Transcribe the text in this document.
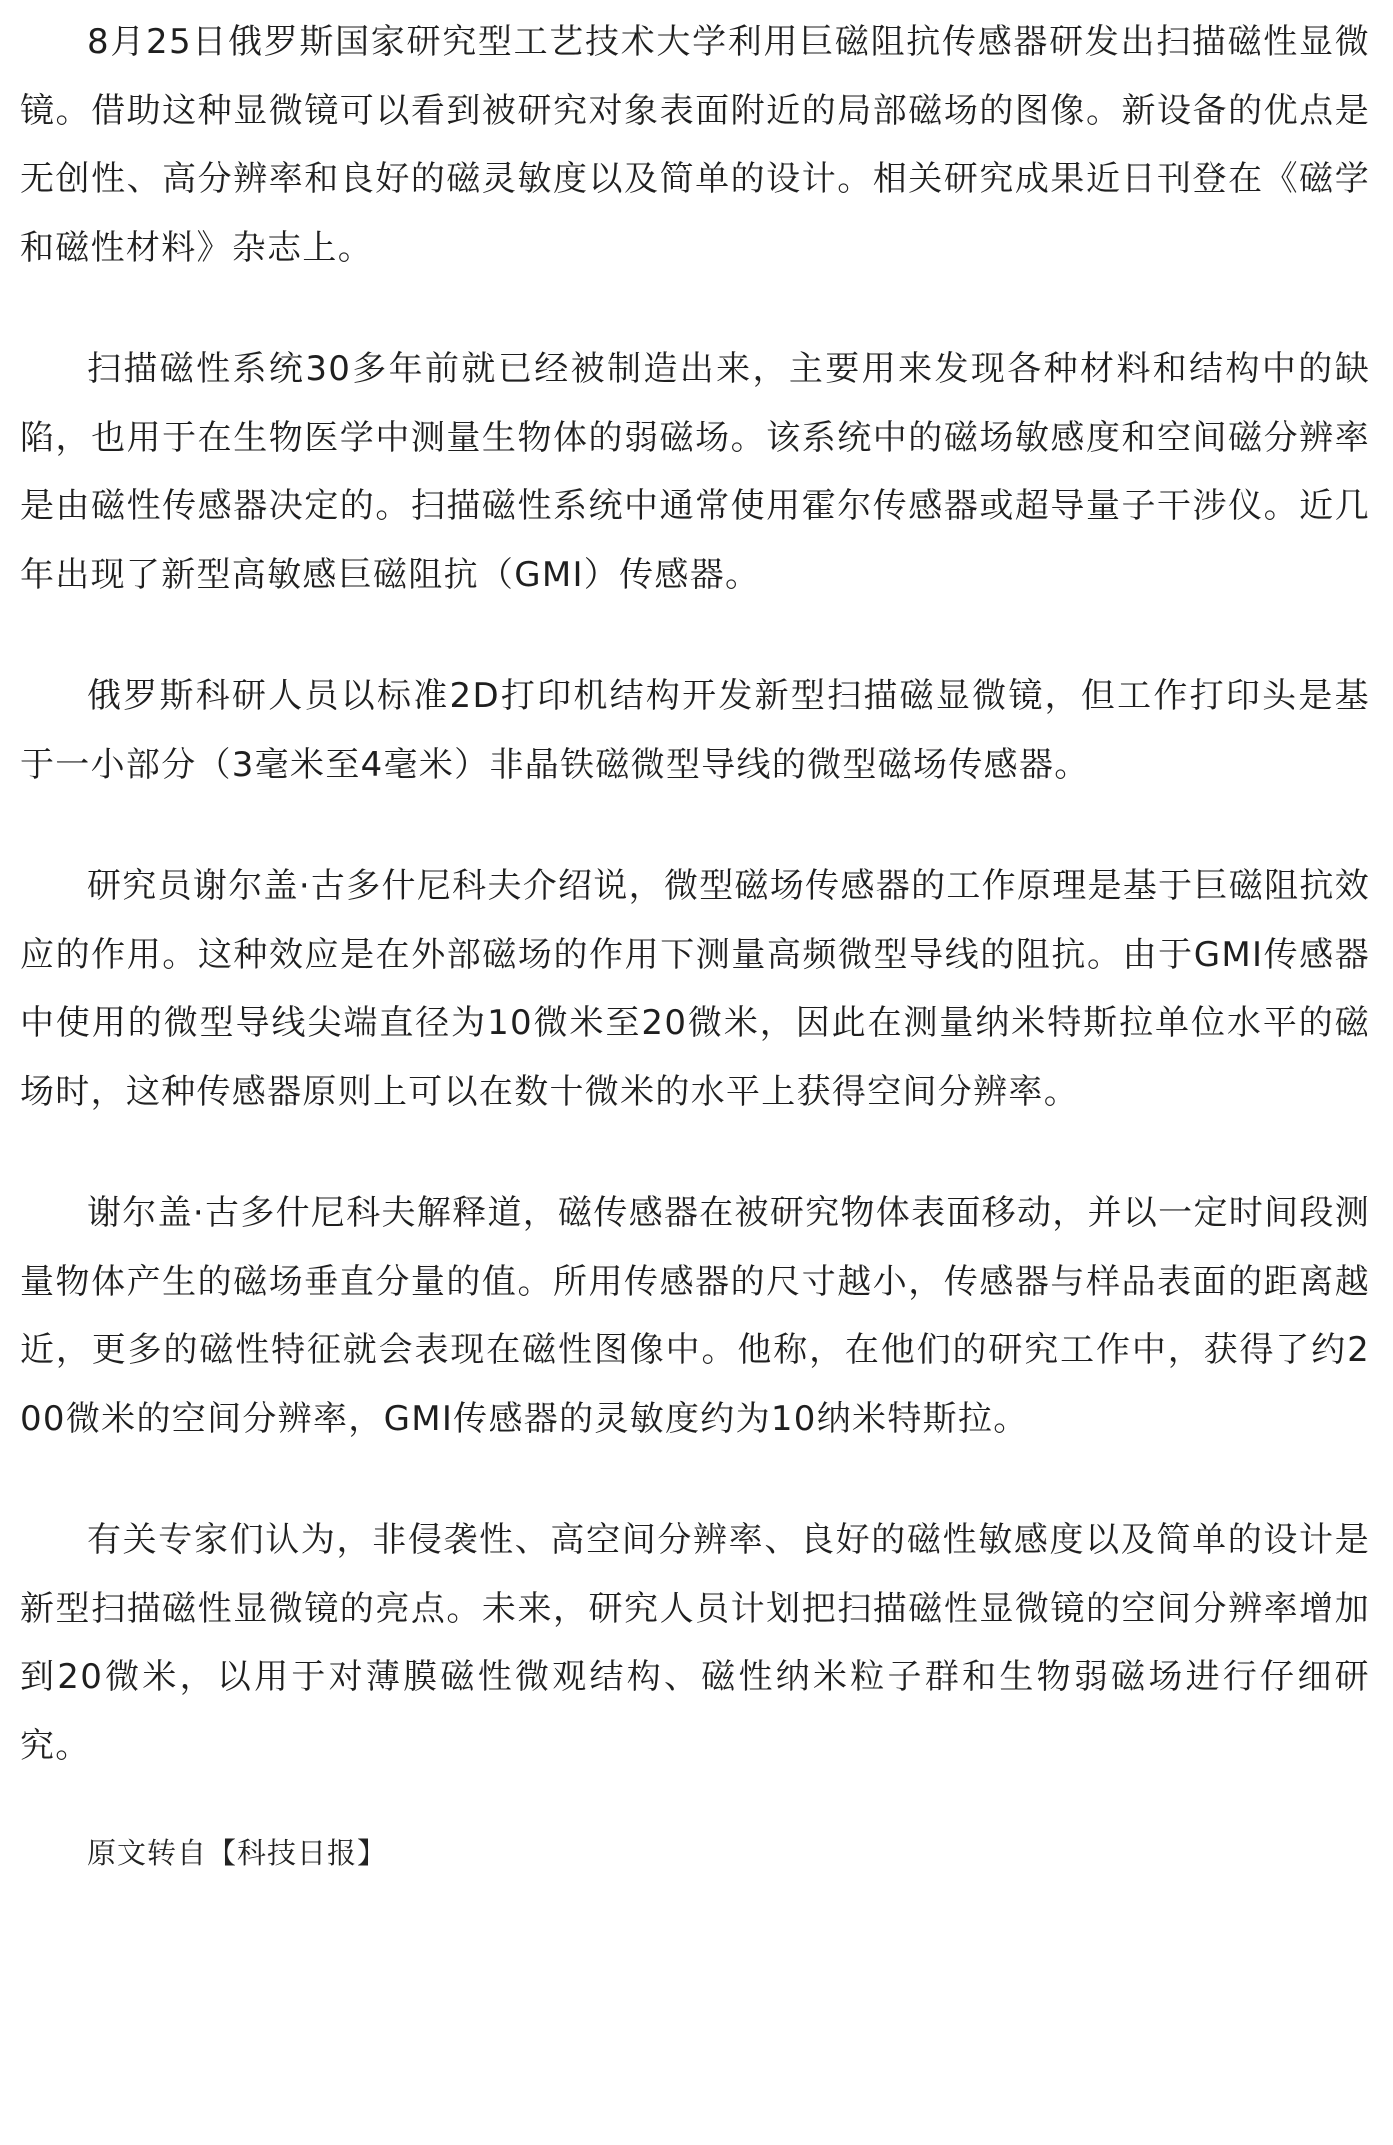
8月25日俄罗斯国家研究型工艺技术大学利用巨磁阻抗传感器研发出扫描磁性显微镜。借助这种显微镜可以看到被研究对象表面附近的局部磁场的图像。新设备的优点是无创性、高分辨率和良好的磁灵敏度以及简单的设计。相关研究成果近日刊登在《磁学和磁性材料》杂志上。

扫描磁性系统30多年前就已经被制造出来，主要用来发现各种材料和结构中的缺陷，也用于在生物医学中测量生物体的弱磁场。该系统中的磁场敏感度和空间磁分辨率是由磁性传感器决定的。扫描磁性系统中通常使用霍尔传感器或超导量子干涉仪。近几年出现了新型高敏感巨磁阻抗（GMI）传感器。

俄罗斯科研人员以标准2D打印机结构开发新型扫描磁显微镜，但工作打印头是基于一小部分（3毫米至4毫米）非晶铁磁微型导线的微型磁场传感器。

研究员谢尔盖·古多什尼科夫介绍说，微型磁场传感器的工作原理是基于巨磁阻抗效应的作用。这种效应是在外部磁场的作用下测量高频微型导线的阻抗。由于GMI传感器中使用的微型导线尖端直径为10微米至20微米，因此在测量纳米特斯拉单位水平的磁场时，这种传感器原则上可以在数十微米的水平上获得空间分辨率。

谢尔盖·古多什尼科夫解释道，磁传感器在被研究物体表面移动，并以一定时间段测量物体产生的磁场垂直分量的值。所用传感器的尺寸越小，传感器与样品表面的距离越近，更多的磁性特征就会表现在磁性图像中。他称，在他们的研究工作中，获得了约200微米的空间分辨率，GMI传感器的灵敏度约为10纳米特斯拉。

有关专家们认为，非侵袭性、高空间分辨率、良好的磁性敏感度以及简单的设计是新型扫描磁性显微镜的亮点。未来，研究人员计划把扫描磁性显微镜的空间分辨率增加到20微米，以用于对薄膜磁性微观结构、磁性纳米粒子群和生物弱磁场进行仔细研究。

原文转自【科技日报】
